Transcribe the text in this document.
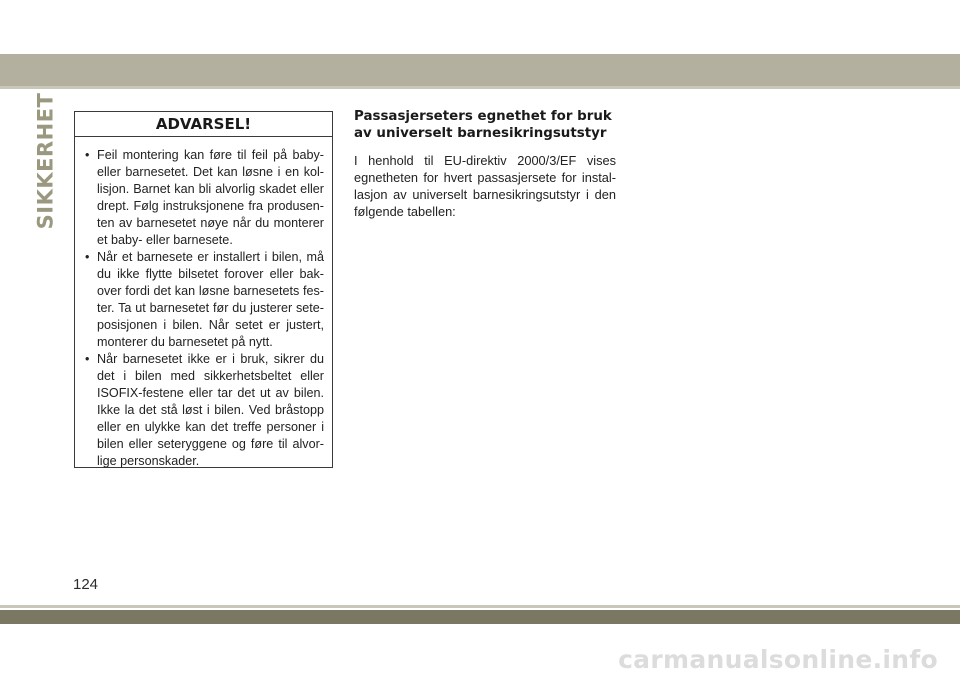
SIKKERHET	ADVARSEL!
• Feil montering kan føre til feil på baby- eller barnesetet. Det kan løsne i en kol- lisjon. Barnet kan bli alvorlig skadet eller drept. Følg instruksjonene fra produsen- ten av barnesetet nøye når du monterer et baby- eller barnesete.
• Når et barnesete er installert i bilen, må du ikke flytte bilsetet forover eller bak- over fordi det kan løsne barnesetets fes- ter. Ta ut barnesetet før du justerer sete- posisjonen i bilen. Når setet er justert, monterer du barnesetet på nytt.
• Når barnesetet ikke er i bruk, sikrer du det i bilen med sikkerhetsbeltet eller ISOFIX-festene eller tar det ut av bilen. Ikke la det stå løst i bilen. Ved bråstopp eller en ulykke kan det treffe personer i bilen eller seteryggene og føre til alvor- lige personskader.
Passasjerseters egnethet for bruk av universelt barnesikringsutstyr
I henhold til EU-direktiv 2000/3/EF vises egnetheten for hvert passasjersete for instal- lasjon av universelt barnesikringsutstyr i den følgende tabellen:
124
carmanualsonline.info
